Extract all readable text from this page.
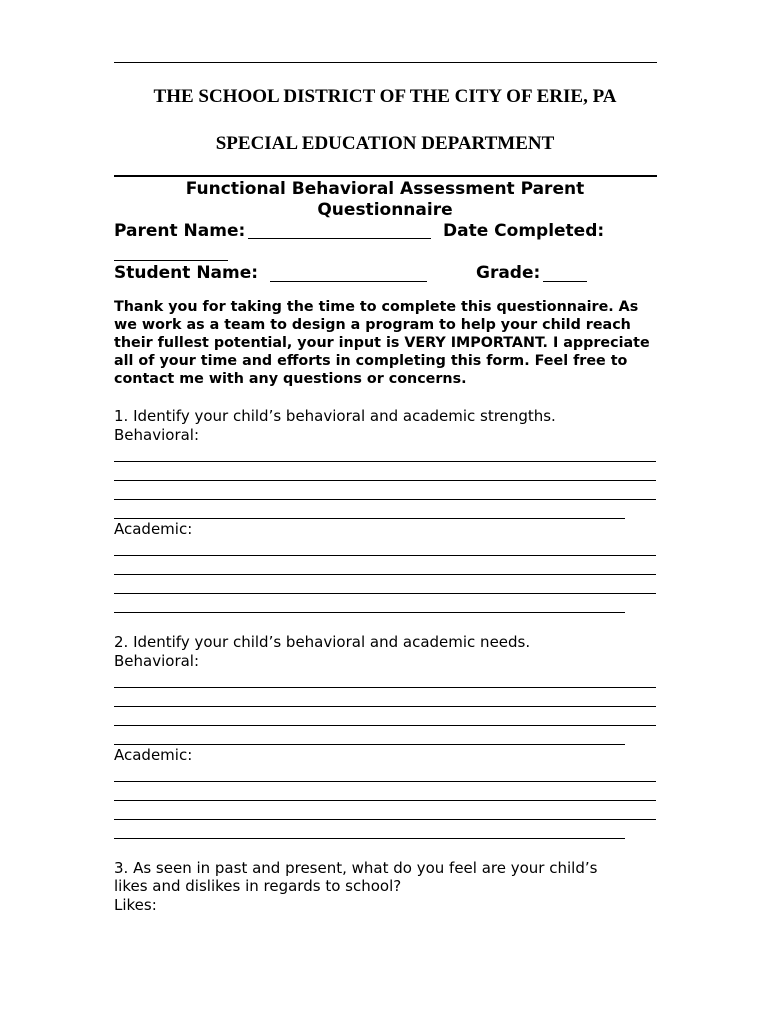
THE SCHOOL DISTRICT OF THE CITY OF ERIE, PA
SPECIAL EDUCATION DEPARTMENT
Functional Behavioral Assessment Parent
Questionnaire
Parent Name:	Date Completed:
Student Name:	Grade:
Thank you for taking the time to complete this questionnaire. As we work as a team to design a program to help your child reach their fullest potential, your input is VERY IMPORTANT. I appreciate all of your time and efforts in completing this form. Feel free to contact me with any questions or concerns.
1. Identify your child’s behavioral and academic strengths.
Behavioral:
Academic:
2. Identify your child’s behavioral and academic needs.
Behavioral:
Academic:
3. As seen in past and present, what do you feel are your child’s
likes and dislikes in regards to school?
Likes:
